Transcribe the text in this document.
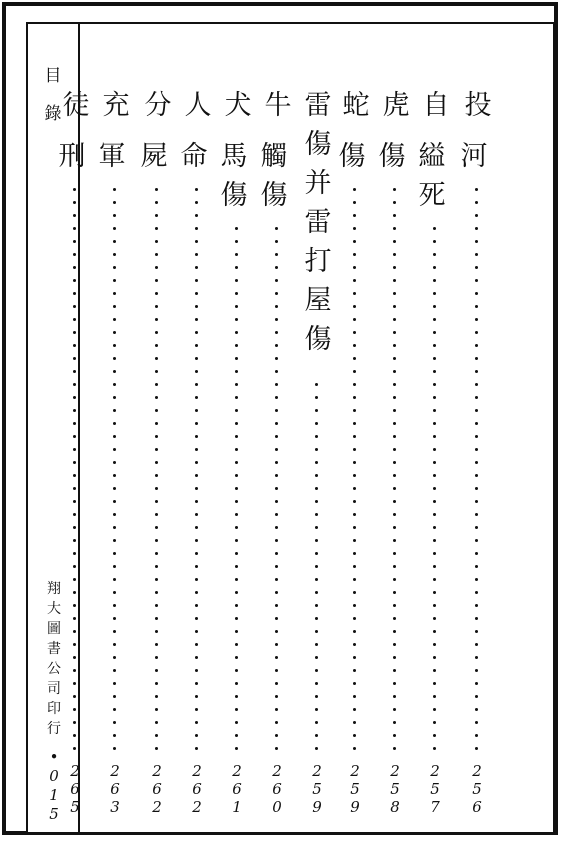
目
錄
翔
大
圖
書
公
司
印
行
•
0
1
5
投
河
2
5
6
自
縊
死
2
5
7
虎
傷
2
5
8
蛇
傷
2
5
9
雷
傷
并
雷
打
屋
傷
2
5
9
牛
觸
傷
2
6
0
犬
馬
傷
2
6
1
人
命
2
6
2
分
屍
2
6
2
充
軍
2
6
3
徒
刑
2
6
5
